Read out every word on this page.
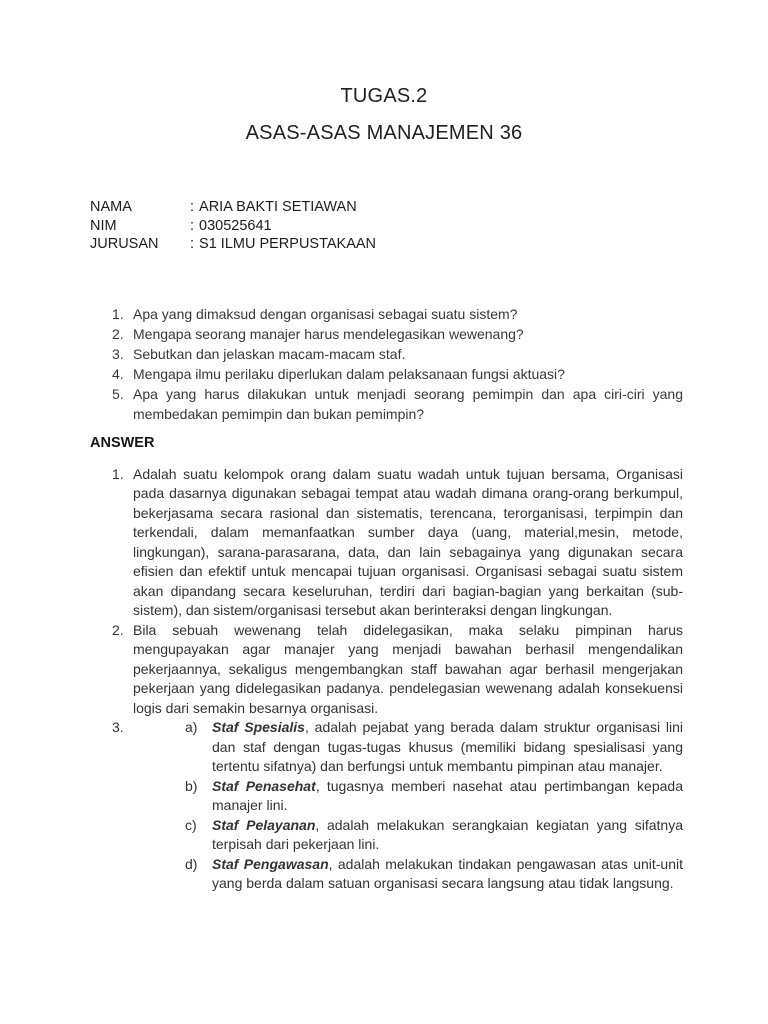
TUGAS.2
ASAS-ASAS MANAJEMEN 36
NAMA	: ARIA BAKTI SETIAWAN
NIM	: 030525641
JURUSAN : S1 ILMU PERPUSTAKAAN
1. Apa yang dimaksud dengan organisasi sebagai suatu sistem?
2. Mengapa seorang manajer harus mendelegasikan wewenang?
3. Sebutkan dan jelaskan macam-macam staf.
4. Mengapa ilmu perilaku diperlukan dalam pelaksanaan fungsi aktuasi?
5. Apa yang harus dilakukan untuk menjadi seorang pemimpin dan apa ciri-ciri yang membedakan pemimpin dan bukan pemimpin?
ANSWER
1. Adalah suatu kelompok orang dalam suatu wadah untuk tujuan bersama, Organisasi pada dasarnya digunakan sebagai tempat atau wadah dimana orang-orang berkumpul, bekerjasama secara rasional dan sistematis, terencana, terorganisasi, terpimpin dan terkendali, dalam memanfaatkan sumber daya (uang, material,mesin, metode, lingkungan), sarana-parasarana, data, dan lain sebagainya yang digunakan secara efisien dan efektif untuk mencapai tujuan organisasi. Organisasi sebagai suatu sistem akan dipandang secara keseluruhan, terdiri dari bagian-bagian yang berkaitan (sub-sistem), dan sistem/organisasi tersebut akan berinteraksi dengan lingkungan.
2. Bila sebuah wewenang telah didelegasikan, maka selaku pimpinan harus mengupayakan agar manajer yang menjadi bawahan berhasil mengendalikan pekerjaannya, sekaligus mengembangkan staff bawahan agar berhasil mengerjakan pekerjaan yang didelegasikan padanya. pendelegasian wewenang adalah konsekuensi logis dari semakin besarnya organisasi.
3.	a) Staf Spesialis, adalah pejabat yang berada dalam struktur organisasi lini dan staf dengan tugas-tugas khusus (memiliki bidang spesialisasi yang tertentu sifatnya) dan berfungsi untuk membantu pimpinan atau manajer.
b) Staf Penasehat, tugasnya memberi nasehat atau pertimbangan kepada manajer lini.
c) Staf Pelayanan, adalah melakukan serangkaian kegiatan yang sifatnya terpisah dari pekerjaan lini.
d) Staf Pengawasan, adalah melakukan tindakan pengawasan atas unit-unit yang berda dalam satuan organisasi secara langsung atau tidak langsung.
